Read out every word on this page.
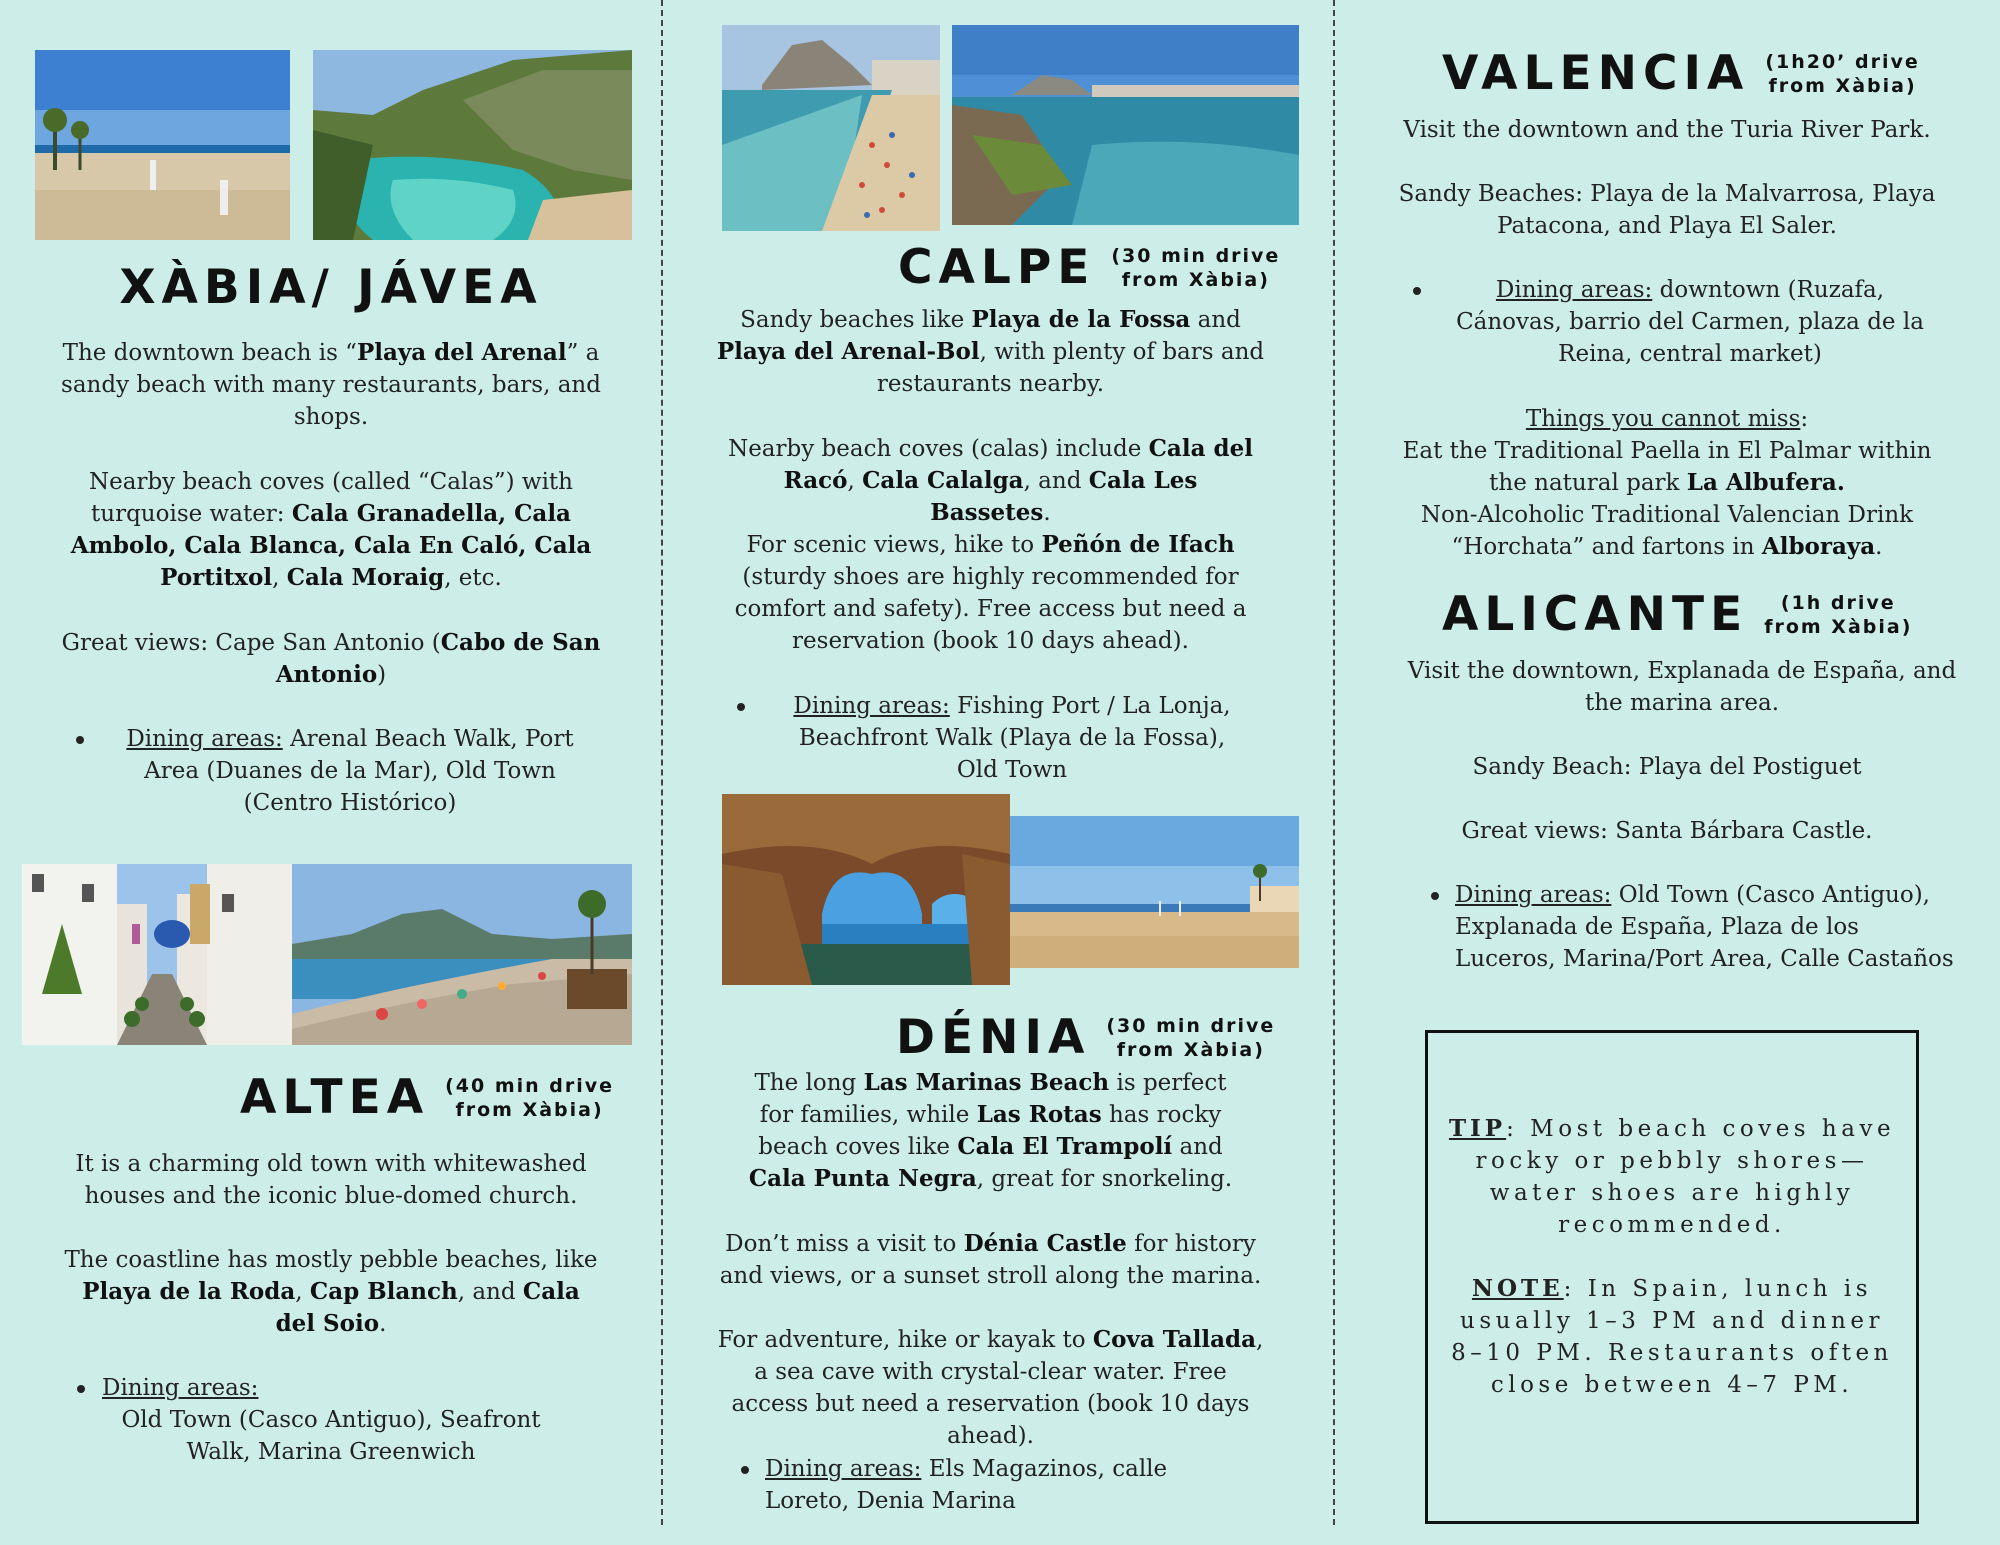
XÀBIA/ JÁVEA
The downtown beach is “Playa del Arenal” a sandy beach with many restaurants, bars, and shops.
Nearby beach coves (called “Calas”) with turquoise water: Cala Granadella, Cala Ambolo, Cala Blanca, Cala En Caló, Cala Portitxol, Cala Moraig, etc.
Great views: Cape San Antonio (Cabo de San Antonio)
Dining areas: Arenal Beach Walk, Port Area (Duanes de la Mar), Old Town (Centro Histórico)
ALTEA (40 min drive
from Xàbia)
It is a charming old town with whitewashed houses and the iconic blue-domed church.
The coastline has mostly pebble beaches, like Playa de la Roda, Cap Blanch, and Cala del Soio.
Dining areas:
Old Town (Casco Antiguo), Seafront Walk, Marina Greenwich
CALPE (30 min drive
from Xàbia)
Sandy beaches like Playa de la Fossa and Playa del Arenal-Bol, with plenty of bars and restaurants nearby.
Nearby beach coves (calas) include Cala del Racó, Cala Calalga, and Cala Les Bassetes.
For scenic views, hike to Peñón de Ifach (sturdy shoes are highly recommended for comfort and safety). Free access but need a reservation (book 10 days ahead).
Dining areas: Fishing Port / La Lonja, Beachfront Walk (Playa de la Fossa), Old Town
DÉNIA (30 min drive
from Xàbia)
The long Las Marinas Beach is perfect for families, while Las Rotas has rocky beach coves like Cala El Trampolí and Cala Punta Negra, great for snorkeling.
Don’t miss a visit to Dénia Castle for history and views, or a sunset stroll along the marina.
For adventure, hike or kayak to Cova Tallada, a sea cave with crystal-clear water. Free access but need a reservation (book 10 days ahead).
Dining areas: Els Magazinos, calle Loreto, Denia Marina
VALENCIA (1h20’ drive
from Xàbia)
Visit the downtown and the Turia River Park.
Sandy Beaches: Playa de la Malvarrosa, Playa Patacona, and Playa El Saler.
Dining areas: downtown (Ruzafa, Cánovas, barrio del Carmen, plaza de la Reina, central market)
Things you cannot miss:
Eat the Traditional Paella in El Palmar within the natural park La Albufera.
Non-Alcoholic Traditional Valencian Drink “Horchata” and fartons in Alboraya.
ALICANTE	(1h drive
from Xàbia)
Visit the downtown, Explanada de España, and the marina area.
Sandy Beach: Playa del Postiguet
Great views: Santa Bárbara Castle.
Dining areas: Old Town (Casco Antiguo), Explanada de España, Plaza de los Luceros, Marina/Port Area, Calle Castaños
TIP: Most beach coves have rocky or pebbly shores—water shoes are highly recommended.
NOTE: In Spain, lunch is usually 1–3 PM and dinner 8–10 PM. Restaurants often close between 4–7 PM.
